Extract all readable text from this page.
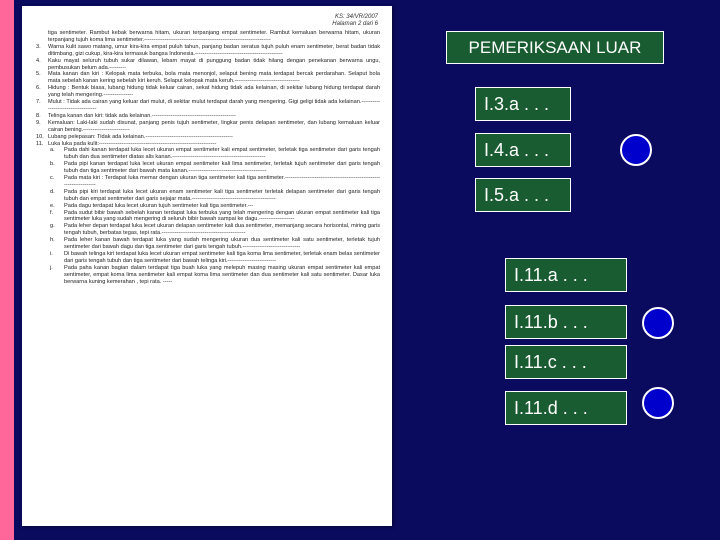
KS: 34/VR/2007
Halaman 2 dari 6

tiga sentimeter. Rambut kebak berwarna hitam, ukuran terpanjang empat sentimeter. Rambut kemaluan berwarna hitam, ukuran terpanjang tujuh koma lima sentimeter.--------------------------------------------------------------------

3.	Warna kulit sawo matang, umur kira-kira empat puluh tahun, panjang badan seratus tujuh puluh enam sentimeter, berat badan tidak ditimbang, gizi cukup, kira-kira termasuk bangsa Indonesia.-----------------------------------------------

4.	Kaku mayat seluruh tubuh sukar dilawan, lebam mayat di punggung badan tidak hilang dengan penekanan berwarna ungu, pembusukan belum ada.---------

5.	Mata kanan dan kiri : Kelopak mata terbuka, bola mata menonjol, selaput bening mata terdapat bercak perdarahan. Selaput bola mata sebelah kanan kering sebelah kiri keruh. Selaput kelopak mata keruh.-----------------------------------

6.	Hidung : Bentuk biasa, lubang hidung tidak keluar cairan, sekat hidung tidak ada kelainan, di sekitar lubang hidung terdapat darah yang telah mengering.----------------

7.	Mulut : Tidak ada cairan yang keluar dari mulut, di sekitar mulut terdapat darah yang mengering. Gigi geligi tidak ada kelainan.------------------------------------

8.	Telinga kanan dan kiri: tidak ada kelainan.---------------------------------------------

9.	Kemaluan: Laki-laki sudah disunat, panjang penis tujuh sentimeter, lingkar penis delapan sentimeter, dan lubang kemaluan keluar cairan bening.-------------------------

10. Lubang pelepasan: Tidak ada kelainan.-----------------------------------------------

11. Luka luka pada kulit:---------------------------------------------------------------

a.	Pada dahi kanan terdapat luka lecet ukuran empat sentimeter kali empat sentimeter, terletak tiga sentimeter dari garis tengah tubuh dan dua sentimeter diatas alis kanan.--------------------------------------------------

b.	Pada pipi kanan terdapat luka lecet ukuran empat sentimeter kali lima sentimeter, terletak tujuh sentimeter dari garis tengah tubuh dan tiga sentimeter dari bawah mata kanan.------------------------------------------

c.	Pada mata kiri : Terdapat luka memar dengan ukuran tiga sentimeter kali tiga sentimeter.--------------------------------------------------------------------

d.	Pada pipi kiri terdapat luka lecet ukuran enam sentimeter kali tiga sentimeter terletak delapan sentimeter dari garis tengah tubuh dan empat sentimeter dari garis sejajar mata.---------------------------------------------

e.	Pada dagu terdapat luka lecet ukuran tujuh sentimeter kali tiga sentimeter.---

f.	Pada sudut bibir bawah sebelah kanan terdapat luka terbuka yang telah mengering dengan ukuran empat sentimeter kali tiga sentimeter luka yang sudah mengering di seluruh bibir bawah sampai ke dagu.-------------------

g.	Pada leher depan terdapat luka lecet ukuran delapan sentimeter kali dua sentimeter, memanjang secara horisontal, miring garis tengah tubuh, berbatas tegas, tepi rata.---------------------------------------------

h.	Pada leher kanan bawah terdapat luka yang sudah mengering ukuran dua sentimeter kali satu sentimeter, terletak tujuh sentimeter dari bawah dagu dan tiga sentimeter dari garis tengah tubuh.-------------------------------

i.	Di bawah telinga kiri terdapat luka lecet ukuran empat sentimeter kali tiga koma lima sentimeter, terletak enam belas sentimeter dari garis tengah tubuh dan tiga sentimeter dari bawah telinga kiri.--------------------------

j.	Pada paha kanan bagian dalam terdapat tiga buah luka yang melepuh masing masing ukuran empat sentimeter kali empat sentimeter, empat koma lima sentimeter kali empat koma lima sentimeter dan dua sentimeter kali satu sentimeter. Dasar luka berwarna kuning kemerahan , tepi rata. -----

PEMERIKSAAN LUAR
I.3.a . . .
I.4.a . . .
I.5.a . . .
I.11.a . . .
I.11.b . . .
I.11.c . . .
I.11.d . . .
